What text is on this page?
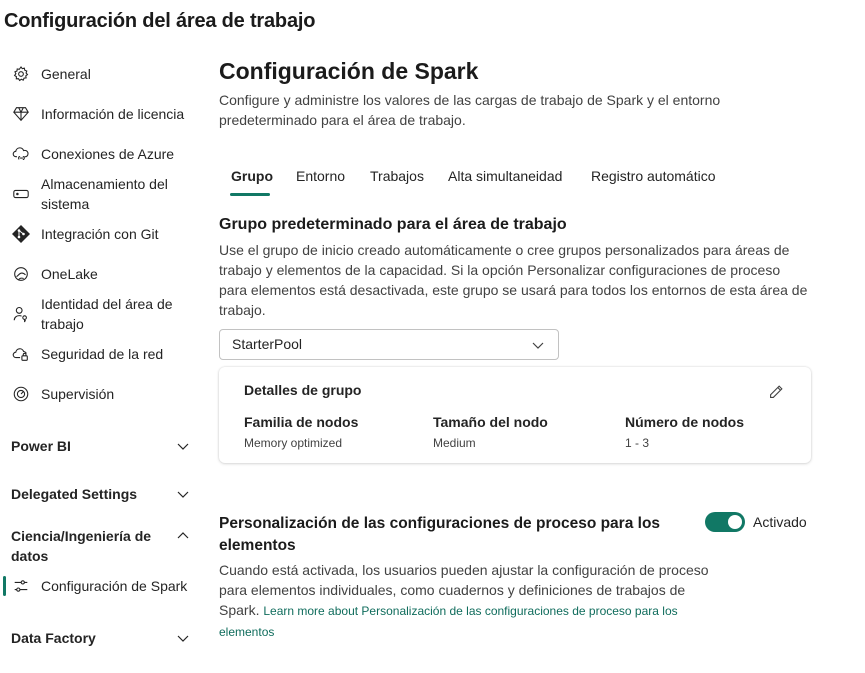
Configuración del área de trabajo
General
Información de licencia
Conexiones de Azure
Almacenamiento del sistema
Integración con Git
OneLake
Identidad del área de trabajo
Seguridad de la red
Supervisión
Power BI
Delegated Settings
Ciencia/Ingeniería de datos
Configuración de Spark
Data Factory
Configuración de Spark
Configure y administre los valores de las cargas de trabajo de Spark y el entorno predeterminado para el área de trabajo.
Grupo Entorno Trabajos Alta simultaneidad Registro automático
Grupo predeterminado para el área de trabajo
Use el grupo de inicio creado automáticamente o cree grupos personalizados para áreas de trabajo y elementos de la capacidad. Si la opción Personalizar configuraciones de proceso para elementos está desactivada, este grupo se usará para todos los entornos de esta área de trabajo.
StarterPool
Detalles de grupo
Familia de nodos
Memory optimized
Tamaño del nodo
Medium
Número de nodos
1 - 3
Personalización de las configuraciones de proceso para los elementos
Activado
Cuando está activada, los usuarios pueden ajustar la configuración de proceso para elementos individuales, como cuadernos y definiciones de trabajos de Spark. Learn more about Personalización de las configuraciones de proceso para los elementos
